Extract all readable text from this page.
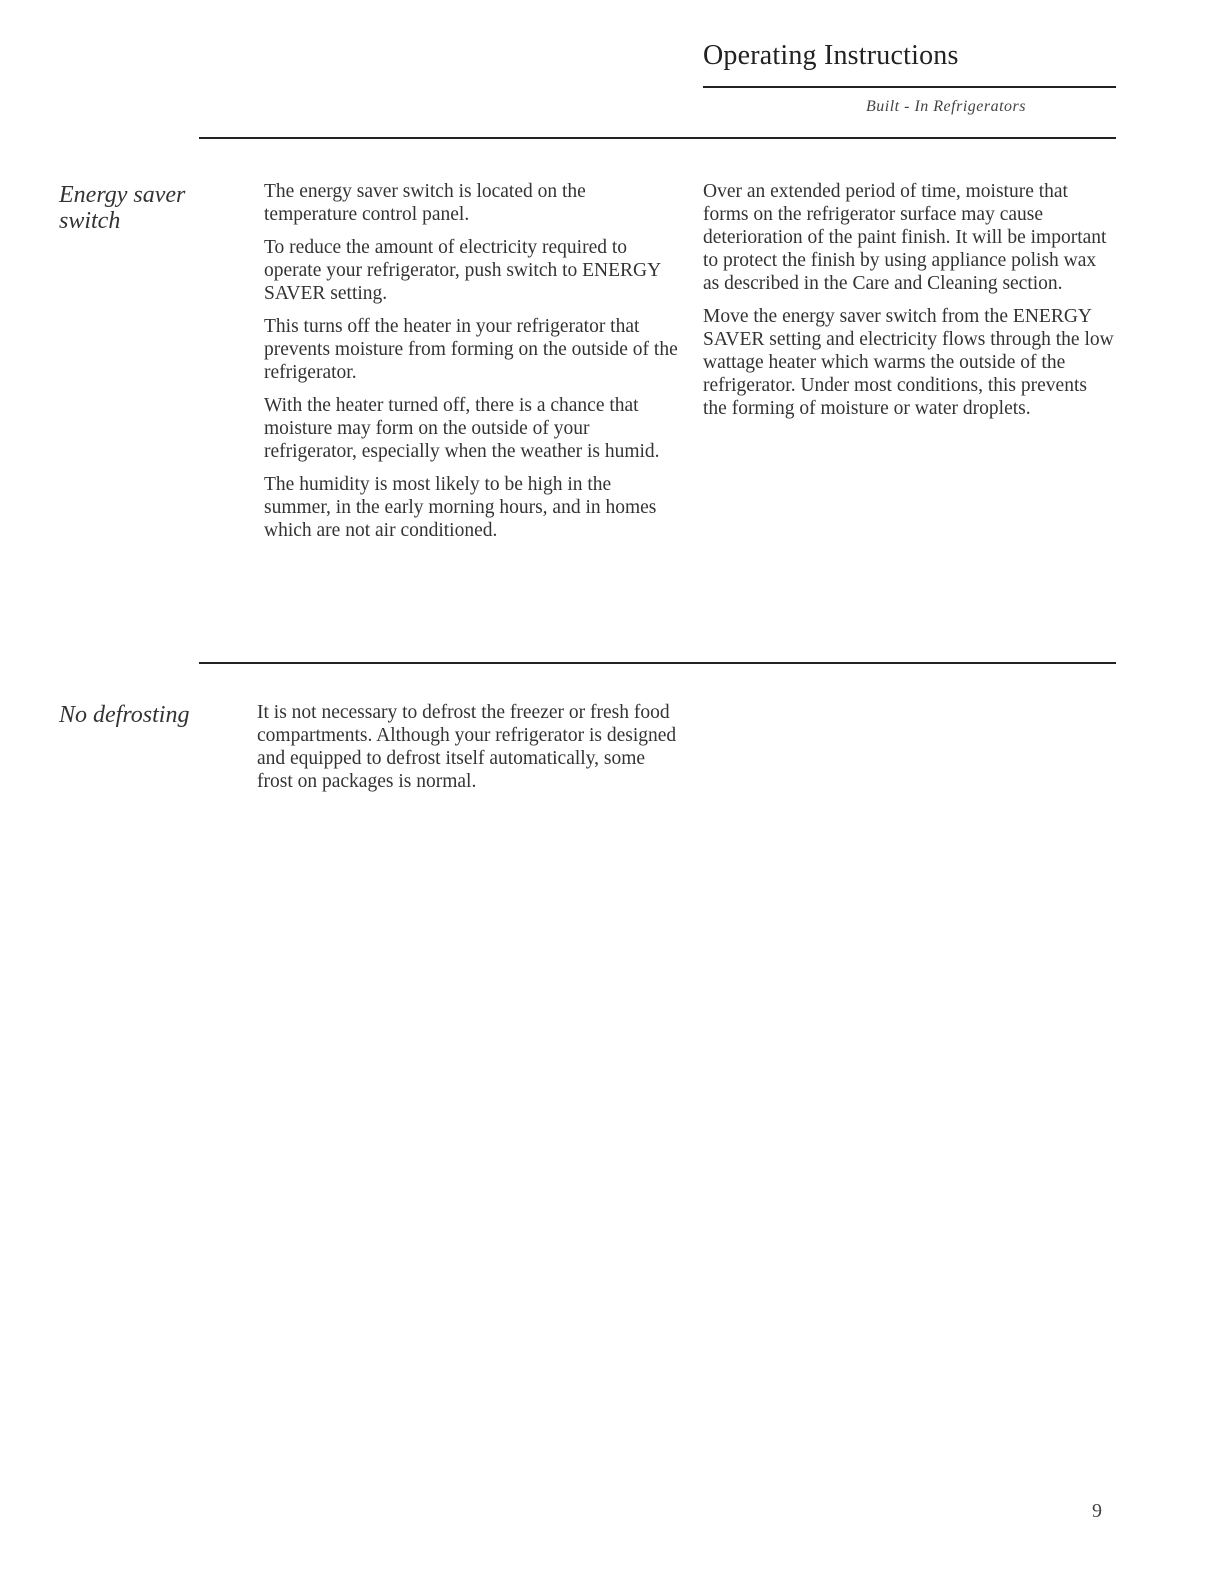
Operating Instructions
Built - In Refrigerators
Energy saver switch

The energy saver switch is located on the temperature control panel.

To reduce the amount of electricity required to operate your refrigerator, push switch to ENERGY SAVER setting.

This turns off the heater in your refrigerator that prevents moisture from forming on the outside of the refrigerator.

With the heater turned off, there is a chance that moisture may form on the outside of your refrigerator, especially when the weather is humid.

The humidity is most likely to be high in the summer, in the early morning hours, and in homes which are not air conditioned.

Over an extended period of time, moisture that forms on the refrigerator surface may cause deterioration of the paint finish. It will be important to protect the finish by using appliance polish wax as described in the Care and Cleaning section.

Move the energy saver switch from the ENERGY SAVER setting and electricity flows through the low wattage heater which warms the outside of the refrigerator. Under most conditions, this prevents the forming of moisture or water droplets.

No defrosting	It is not necessary to defrost the freezer or fresh food compartments. Although your refrigerator is designed and equipped to defrost itself automatically, some frost on packages is normal.

9
